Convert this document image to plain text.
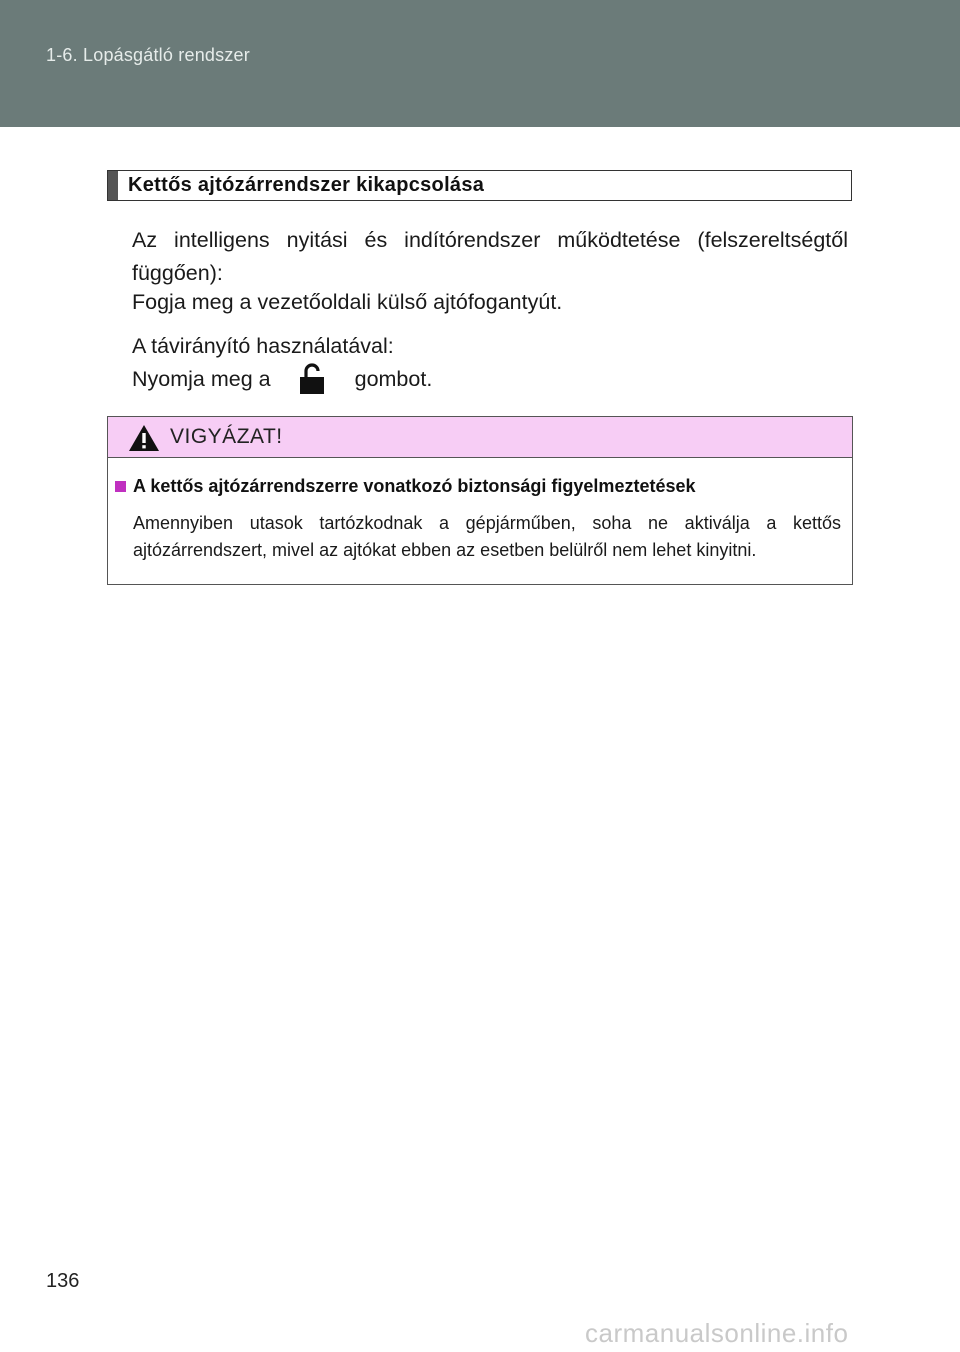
1-6. Lopásgátló rendszer
Kettős ajtózárrendszer kikapcsolása
Az intelligens nyitási és indítórendszer működtetése (felszereltségtől függően):
Fogja meg a vezetőoldali külső ajtófogantyút.
A távirányító használatával:
Nyomja meg a	gombot.
VIGYÁZAT!
A kettős ajtózárrendszerre vonatkozó biztonsági figyelmeztetések
Amennyiben utasok tartózkodnak a gépjárműben, soha ne aktiválja a kettős ajtózárrendszert, mivel az ajtókat ebben az esetben belülről nem lehet kinyitni.
136
carmanualsonline.info
